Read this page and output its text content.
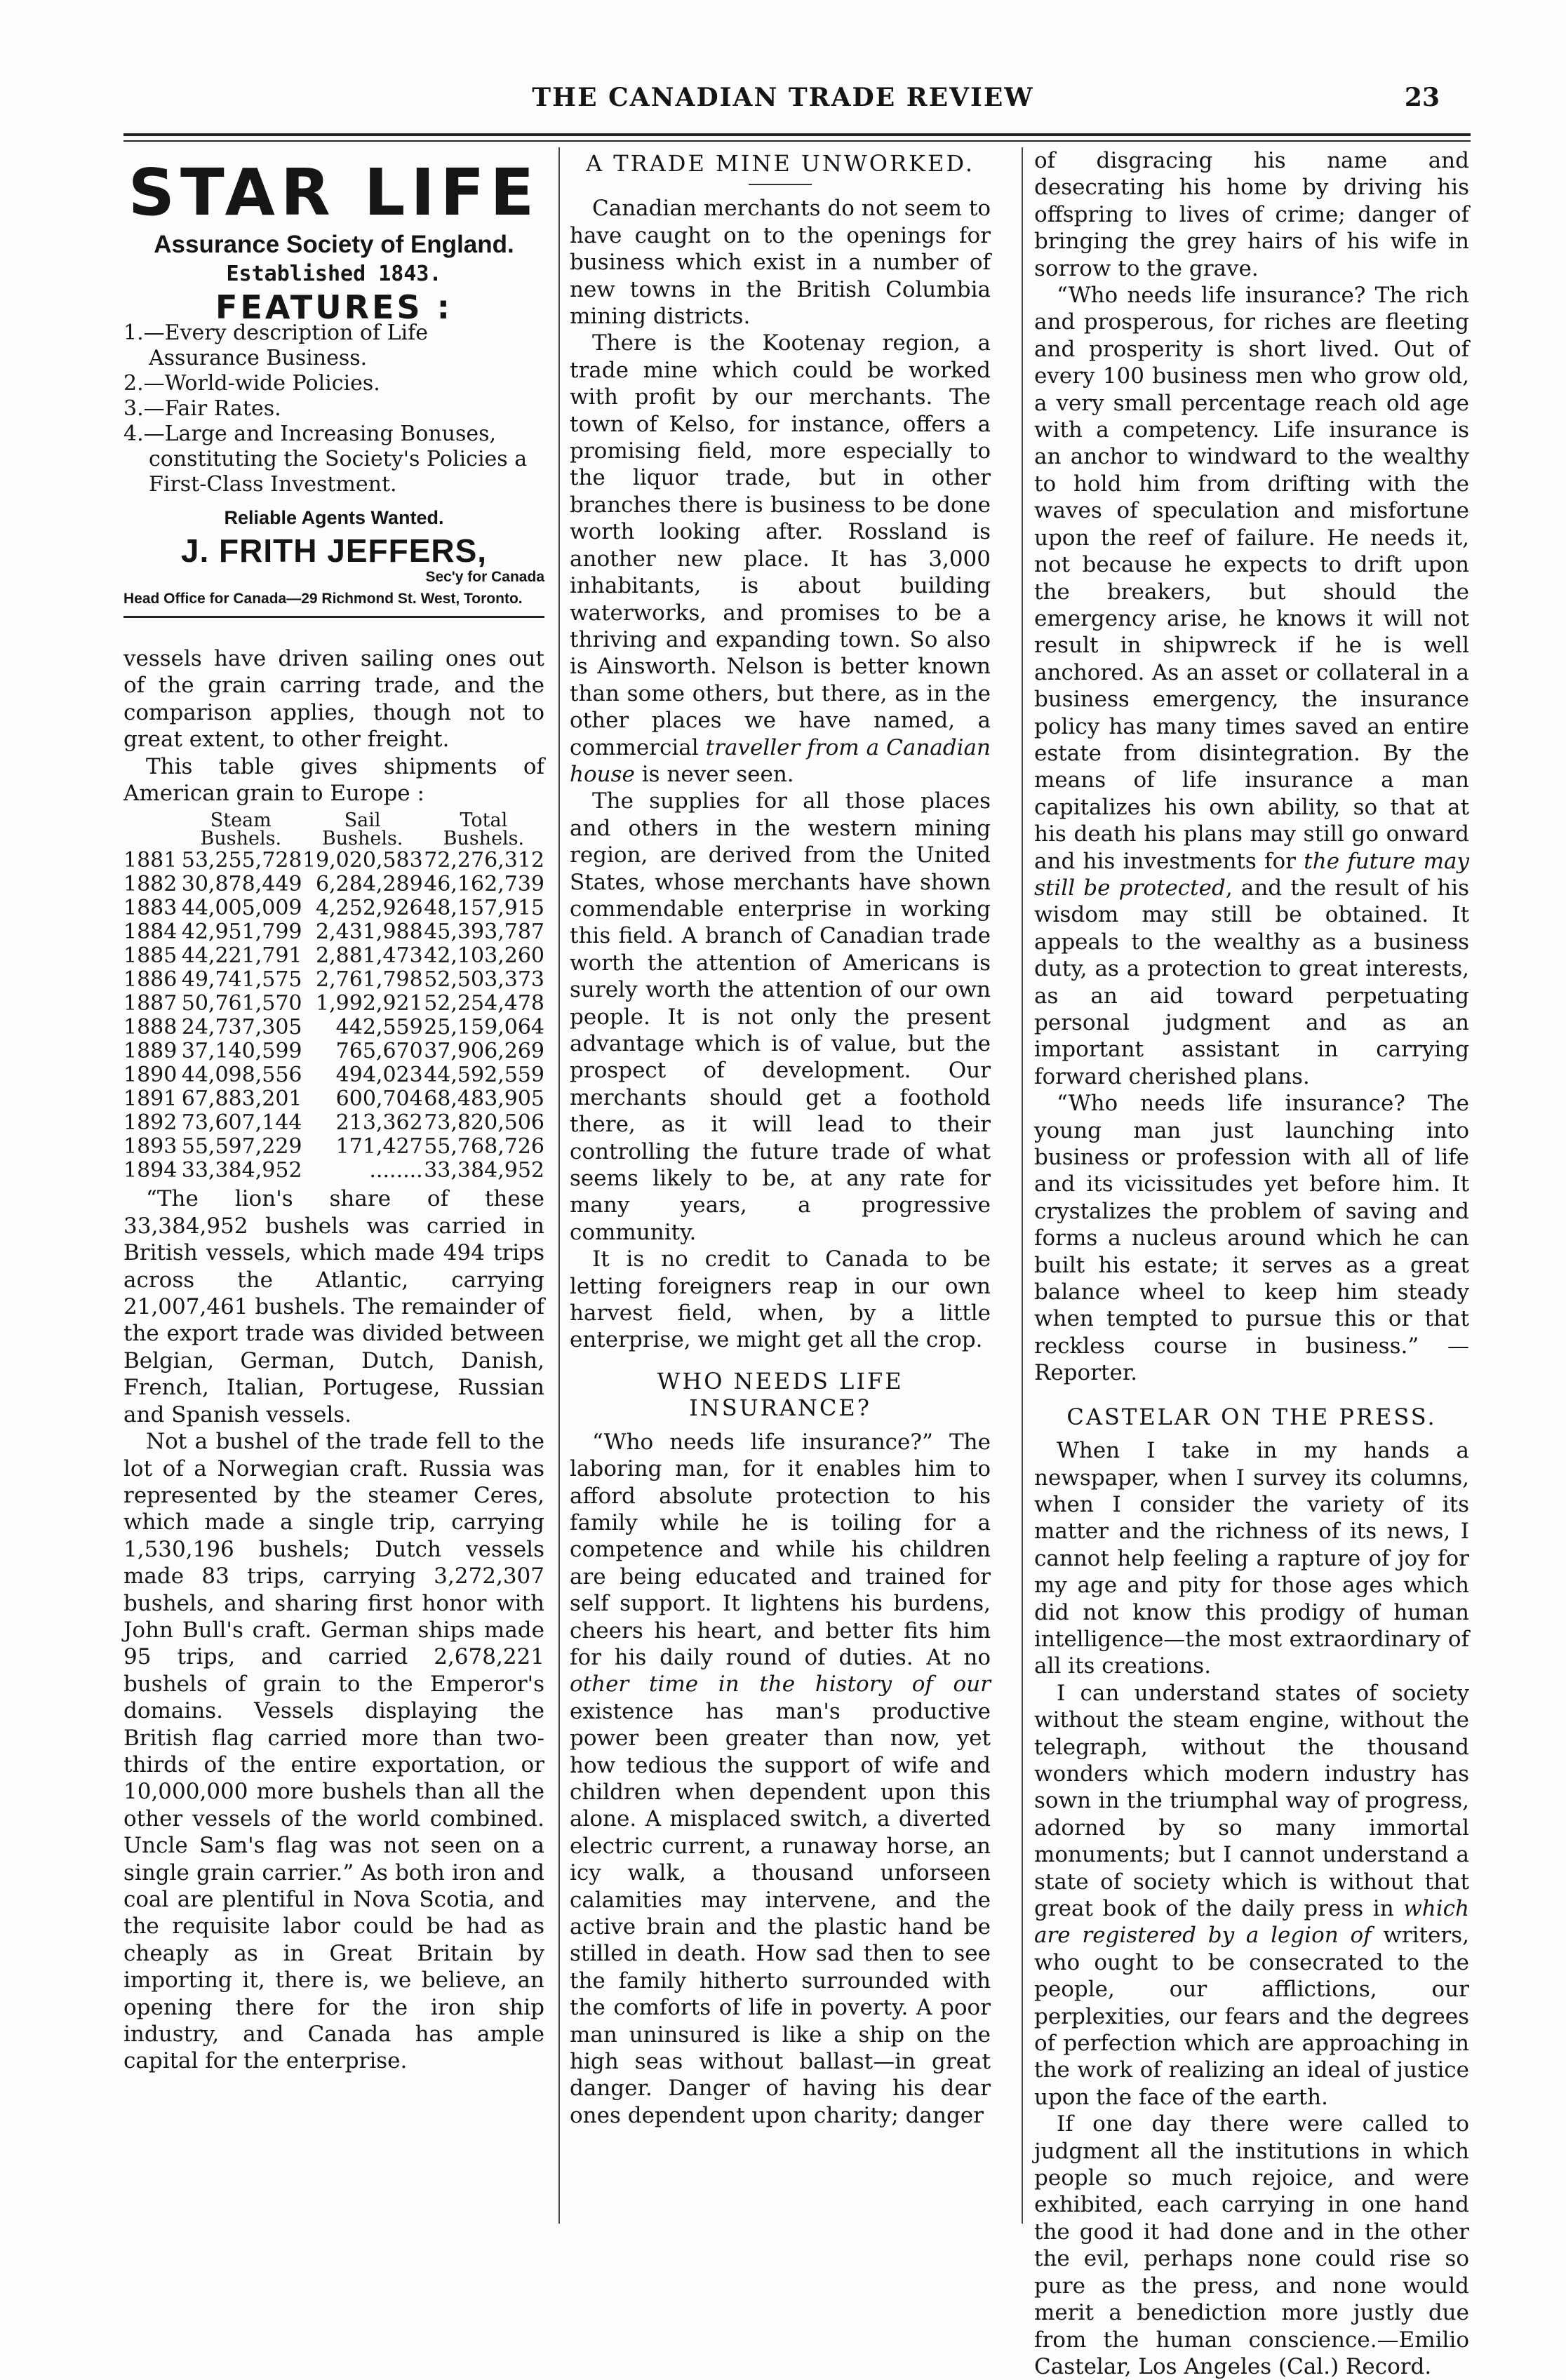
THE CANADIAN TRADE REVIEW	23
STAR LIFE
Assurance Society of England.
Established 1843.
FEATURES :
1.—Every description of Life Assurance Business.
2.—World-wide Policies.
3.—Fair Rates.
4.—Large and Increasing Bonuses, constituting the Society's Policies a First-Class Investment.
Reliable Agents Wanted.
J. FRITH JEFFERS,
Sec'y for Canada
Head Office for Canada—29 Richmond St. West, Toronto.

vessels have driven sailing ones out of the grain carring trade, and the comparison applies, though not to great extent, to other freight.

This table gives shipments of American grain to Europe :

	Steam Bushels.	Sail Bushels.	Total Bushels.
1881	53,255,728	19,020,583	72,276,312
1882	30,878,449	6,284,289	46,162,739
1883	44,005,009	4,252,926	48,157,915
1884	42,951,799	2,431,988	45,393,787
1885	44,221,791	2,881,473	42,103,260
1886	49,741,575	2,761,798	52,503,373
1887	50,761,570	1,992,921	52,254,478
1888	24,737,305	442,559	25,159,064
1889	37,140,599	765,670	37,906,269
1890	44,098,556	494,023	44,592,559
1891	67,883,201	600,704	68,483,905
1892	73,607,144	213,362	73,820,506
1893	55,597,229	171,427	55,768,726
1894	33,384,952	........	33,384,952

“The lion's share of these 33,384,952 bushels was carried in British vessels, which made 494 trips across the Atlantic, carrying 21,007,461 bushels. The remainder of the export trade was divided between Belgian, German, Dutch, Danish, French, Italian, Portugese, Russian and Spanish vessels.

Not a bushel of the trade fell to the lot of a Norwegian craft. Russia was represented by the steamer Ceres, which made a single trip, carrying 1,530,196 bushels; Dutch vessels made 83 trips, carrying 3,272,307 bushels, and sharing first honor with John Bull's craft. German ships made 95 trips, and carried 2,678,221 bushels of grain to the Emperor's domains. Vessels displaying the British flag carried more than two-thirds of the entire exportation, or 10,000,000 more bushels than all the other vessels of the world combined. Uncle Sam's flag was not seen on a single grain carrier.” As both iron and coal are plentiful in Nova Scotia, and the requisite labor could be had as cheaply as in Great Britain by importing it, there is, we believe, an opening there for the iron ship industry, and Canada has ample capital for the enterprise.

A TRADE MINE UNWORKED.

Canadian merchants do not seem to have caught on to the openings for business which exist in a number of new towns in the British Columbia mining districts.

There is the Kootenay region, a trade mine which could be worked with profit by our merchants. The town of Kelso, for instance, offers a promising field, more especially to the liquor trade, but in other branches there is business to be done worth looking after. Rossland is another new place. It has 3,000 inhabitants, is about building waterworks, and promises to be a thriving and expanding town. So also is Ainsworth. Nelson is better known than some others, but there, as in the other places we have named, a commercial traveller from a Canadian house is never seen.

The supplies for all those places and others in the western mining region, are derived from the United States, whose merchants have shown commendable enterprise in working this field. A branch of Canadian trade worth the attention of Americans is surely worth the attention of our own people. It is not only the present advantage which is of value, but the prospect of development. Our merchants should get a foothold there, as it will lead to their controlling the future trade of what seems likely to be, at any rate for many years, a progressive community.

It is no credit to Canada to be letting foreigners reap in our own harvest field, when, by a little enterprise, we might get all the crop.

WHO NEEDS LIFE INSURANCE?

“Who needs life insurance?” The laboring man, for it enables him to afford absolute protection to his family while he is toiling for a competence and while his children are being educated and trained for self support. It lightens his burdens, cheers his heart, and better fits him for his daily round of duties. At no other time in the history of our existence has man's productive power been greater than now, yet how tedious the support of wife and children when dependent upon this alone. A misplaced switch, a diverted electric current, a runaway horse, an icy walk, a thousand unforseen calamities may intervene, and the active brain and the plastic hand be stilled in death. How sad then to see the family hitherto surrounded with the comforts of life in poverty. A poor man uninsured is like a ship on the high seas without ballast—in great danger. Danger of having his dear ones dependent upon charity; danger

of disgracing his name and desecrating his home by driving his offspring to lives of crime; danger of bringing the grey hairs of his wife in sorrow to the grave.

“Who needs life insurance? The rich and prosperous, for riches are fleeting and prosperity is short lived. Out of every 100 business men who grow old, a very small percentage reach old age with a competency. Life insurance is an anchor to windward to the wealthy to hold him from drifting with the waves of speculation and misfortune upon the reef of failure. He needs it, not because he expects to drift upon the breakers, but should the emergency arise, he knows it will not result in shipwreck if he is well anchored. As an asset or collateral in a business emergency, the insurance policy has many times saved an entire estate from disintegration. By the means of life insurance a man capitalizes his own ability, so that at his death his plans may still go onward and his investments for the future may still be protected, and the result of his wisdom may still be obtained. It appeals to the wealthy as a business duty, as a protection to great interests, as an aid toward perpetuating personal judgment and as an important assistant in carrying forward cherished plans.

“Who needs life insurance? The young man just launching into business or profession with all of life and its vicissitudes yet before him. It crystalizes the problem of saving and forms a nucleus around which he can built his estate; it serves as a great balance wheel to keep him steady when tempted to pursue this or that reckless course in business.” —Reporter.

CASTELAR ON THE PRESS.

When I take in my hands a newspaper, when I survey its columns, when I consider the variety of its matter and the richness of its news, I cannot help feeling a rapture of joy for my age and pity for those ages which did not know this prodigy of human intelligence—the most extraordinary of all its creations.

I can understand states of society without the steam engine, without the telegraph, without the thousand wonders which modern industry has sown in the triumphal way of progress, adorned by so many immortal monuments; but I cannot understand a state of society which is without that great book of the daily press in which are registered by a legion of writers, who ought to be consecrated to the people, our afflictions, our perplexities, our fears and the degrees of perfection which are approaching in the work of realizing an ideal of justice upon the face of the earth.

If one day there were called to judgment all the institutions in which people so much rejoice, and were exhibited, each carrying in one hand the good it had done and in the other the evil, perhaps none could rise so pure as the press, and none would merit a benediction more justly due from the human conscience.—Emilio Castelar, Los Angeles (Cal.) Record.
